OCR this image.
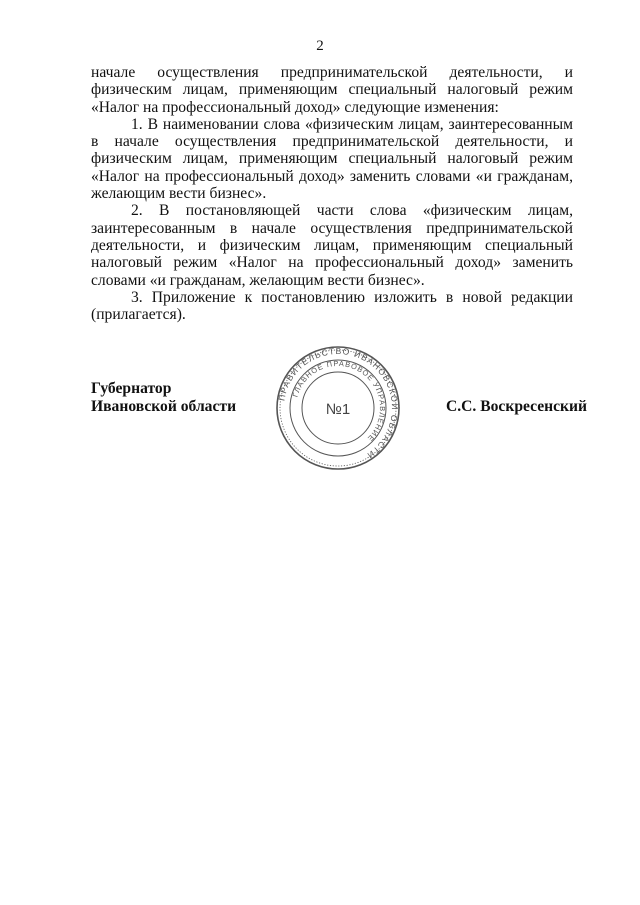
2

начале осуществления предпринимательской деятельности, и физическим лицам, применяющим специальный налоговый режим «Налог на профессиональный доход» следующие изменения:

1. В наименовании слова «физическим лицам, заинтересованным в начале осуществления предпринимательской деятельности, и физическим лицам, применяющим специальный налоговый режим «Налог на профессиональный доход» заменить словами «и гражданам, желающим вести бизнес».

2. В постановляющей части слова «физическим лицам, заинтересованным в начале осуществления предпринимательской деятельности, и физическим лицам, применяющим специальный налоговый режим «Налог на профессиональный доход» заменить словами «и гражданам, желающим вести бизнес».

3. Приложение к постановлению изложить в новой редакции (прилагается).

Губернатор
Ивановской области
ПРАВИТЕЛЬСТВО ИВАНОВСКОЙ ОБЛАСТИ
ГЛАВНОЕ ПРАВОВОЕ УПРАВЛЕНИЕ
№1	С.С. Воскресенский
